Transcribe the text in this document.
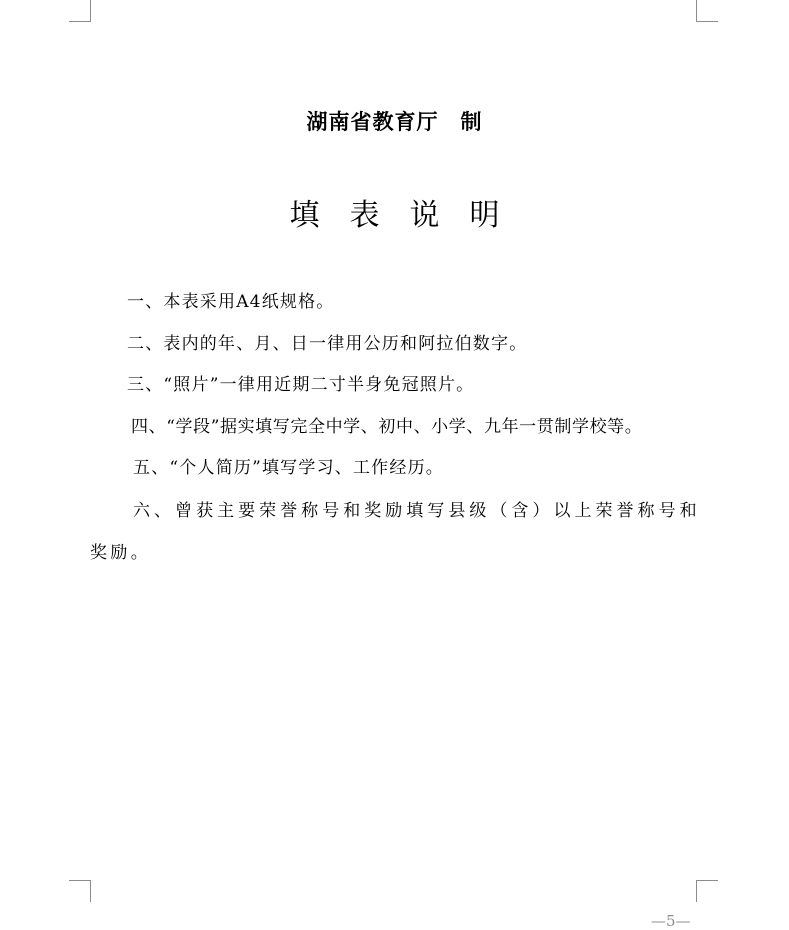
湖南省教育厅　制
填表说明
一、本表采用A4纸规格。
二、表内的年、月、日一律用公历和阿拉伯数字。
三、“照片”一律用近期二寸半身免冠照片。
四、“学段”据实填写完全中学、初中、小学、九年一贯制学校等。
五、“个人简历”填写学习、工作经历。
六、曾获主要荣誉称号和奖励填写县级（含）以上荣誉称号和奖励。
—5—
